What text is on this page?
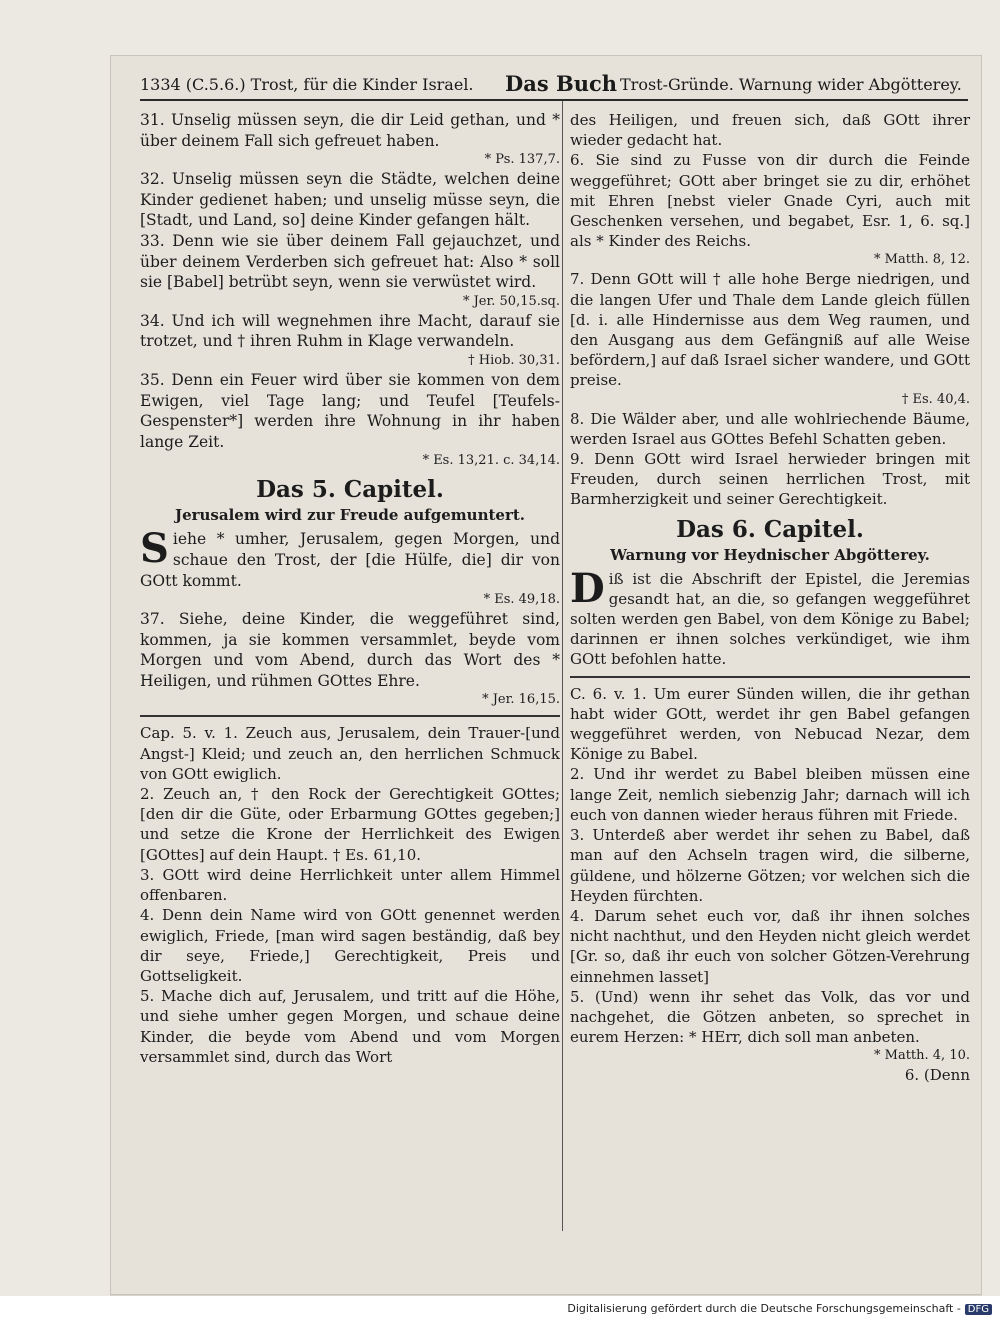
1334 (C.5.6.) Trost, für die Kinder Israel. Das Buch Trost-Gründe. Warnung wider Abgötterey.
31. Unselig müssen seyn, die dir Leid gethan, und * über deinem Fall sich gefreuet haben.
* Ps. 137,7.
32. Unselig müssen seyn die Städte, welchen deine Kinder gedienet haben; und unselig müsse seyn, die [Stadt, und Land, so] deine Kinder gefangen hält.
33. Denn wie sie über deinem Fall gejauchzet, und über deinem Verderben sich gefreuet hat: Also * soll sie [Babel] betrübt seyn, wenn sie verwüstet wird.
* Jer. 50,15.sq.
34. Und ich will wegnehmen ihre Macht, darauf sie trotzet, und † ihren Ruhm in Klage verwandeln.
† Hiob. 30,31.
35. Denn ein Feuer wird über sie kommen von dem Ewigen, viel Tage lang; und Teufel [Teufels-Gespenster*] werden ihre Wohnung in ihr haben lange Zeit.
* Es. 13,21. c. 34,14.
Das 5. Capitel.
Jerusalem wird zur Freude aufgemuntert.
Siehe * umher, Jerusalem, gegen Morgen, und schaue den Trost, der [die Hülfe, die] dir von GOtt kommt.
* Es. 49,18.
37. Siehe, deine Kinder, die weggeführet sind, kommen, ja sie kommen versammlet, beyde vom Morgen und vom Abend, durch das Wort des * Heiligen, und rühmen GOttes Ehre.
* Jer. 16,15.
Cap. 5. v. 1. Zeuch aus, Jerusalem, dein Trauer-[und Angst-] Kleid; und zeuch an, den herrlichen Schmuck von GOtt ewiglich.
2. Zeuch an, † den Rock der Gerechtigkeit GOttes; [den dir die Güte, oder Erbarmung GOttes gegeben;] und setze die Krone der Herrlichkeit des Ewigen [GOttes] auf dein Haupt. † Es. 61,10.
3. GOtt wird deine Herrlichkeit unter allem Himmel offenbaren.
4. Denn dein Name wird von GOtt genennet werden ewiglich, Friede, [man wird sagen beständig, daß bey dir seye, Friede,] Gerechtigkeit, Preis und Gottseligkeit.
5. Mache dich auf, Jerusalem, und tritt auf die Höhe, und siehe umher gegen Morgen, und schaue deine Kinder, die beyde vom Abend und vom Morgen versammlet sind, durch das Wort
des Heiligen, und freuen sich, daß GOtt ihrer wieder gedacht hat.
6. Sie sind zu Fusse von dir durch die Feinde weggeführet; GOtt aber bringet sie zu dir, erhöhet mit Ehren [nebst vieler Gnade Cyri, auch mit Geschenken versehen, und begabet, Esr. 1, 6. sq.] als * Kinder des Reichs.
* Matth. 8, 12.
7. Denn GOtt will † alle hohe Berge niedrigen, und die langen Ufer und Thale dem Lande gleich füllen [d. i. alle Hindernisse aus dem Weg raumen, und den Ausgang aus dem Gefängniß auf alle Weise befördern,] auf daß Israel sicher wandere, und GOtt preise.
† Es. 40,4.
8. Die Wälder aber, und alle wohlriechende Bäume, werden Israel aus GOttes Befehl Schatten geben.
9. Denn GOtt wird Israel herwieder bringen mit Freuden, durch seinen herrlichen Trost, mit Barmherzigkeit und seiner Gerechtigkeit.
Das 6. Capitel.
Warnung vor Heydnischer Abgötterey.
Diß ist die Abschrift der Epistel, die Jeremias gesandt hat, an die, so gefangen weggeführet solten werden gen Babel, von dem Könige zu Babel; darinnen er ihnen solches verkündiget, wie ihm GOtt befohlen hatte.
C. 6. v. 1. Um eurer Sünden willen, die ihr gethan habt wider GOtt, werdet ihr gen Babel gefangen weggeführet werden, von Nebucad Nezar, dem Könige zu Babel.
2. Und ihr werdet zu Babel bleiben müssen eine lange Zeit, nemlich siebenzig Jahr; darnach will ich euch von dannen wieder heraus führen mit Friede.
3. Unterdeß aber werdet ihr sehen zu Babel, daß man auf den Achseln tragen wird, die silberne, güldene, und hölzerne Götzen; vor welchen sich die Heyden fürchten.
4. Darum sehet euch vor, daß ihr ihnen solches nicht nachthut, und den Heyden nicht gleich werdet [Gr. so, daß ihr euch von solcher Götzen-Verehrung einnehmen lasset]
5. (Und) wenn ihr sehet das Volk, das vor und nachgehet, die Götzen anbeten, so sprechet in eurem Herzen: * HErr, dich soll man anbeten.
* Matth. 4, 10.
6. (Denn
Digitalisierung gefördert durch die Deutsche Forschungsgemeinschaft - DFG
